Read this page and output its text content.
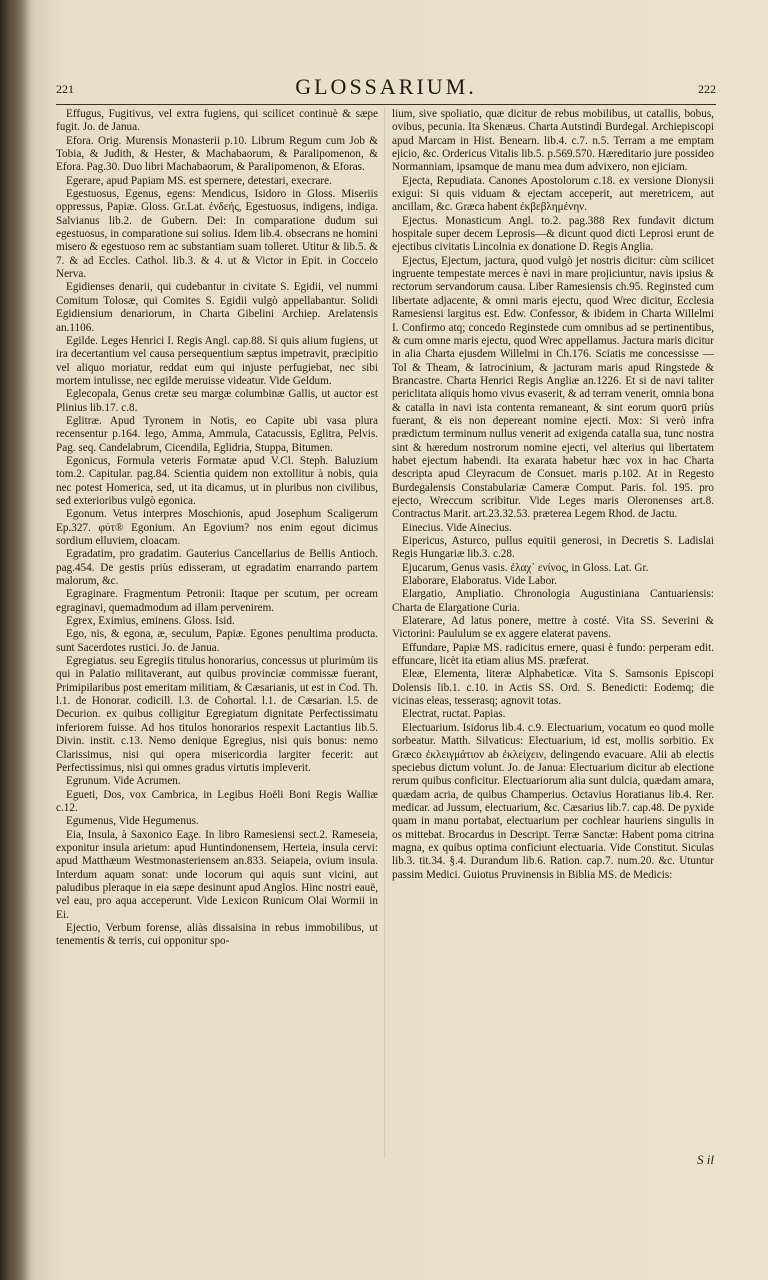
221	GLOSSARIUM.	222

Effugus, Fugitivus, vel extra fugiens, qui scilicet continuè & sæpe fugit. Jo. de Janua.

Efora. Orig. Murensis Monasterii p.10. Librum Regum cum Job & Tobia, & Judith, & Hester, & Machabaorum, & Paralipomenon, & Efora. Pag.30. Duo libri Machabaorum, & Paralipomenon, & Eforas.

Egerare, apud Papiam MS. est spernere, detestari, execrare.

Egestuosus, Egenus, egens: Mendicus, Isidoro in Gloss. Miseriis oppressus, Papiæ. Gloss. Gr.Lat. ἐνδεής, Egestuosus, indigens, indiga. Salvianus lib.2. de Gubern. Dei: In comparatione dudum sui egestuosus, in comparatione sui solius. Idem lib.4. obsecrans ne homini misero & egestuoso rem ac substantiam suam tolleret. Utitur & lib.5. & 7. & ad Eccles. Cathol. lib.3. & 4. ut & Victor in Epit. in Cocceio Nerva.

Egidienses denarii, qui cudebantur in civitate S. Egidii, vel nummi Comitum Tolosæ, qui Comites S. Egidii vulgò appellabantur. Solidi Egidiensium denariorum, in Charta Gibelini Archiep. Arelatensis an.1106.

Egilde. Leges Henrici I. Regis Angl. cap.88. Si quis alium fugiens, ut ira decertantium vel causa persequentium sæptus impetravit, præcipitio vel aliquo moriatur, reddat eum qui injuste perfugiebat, nec sibi mortem intulisse, nec egilde meruisse videatur. Vide Geldum.

Eglecopala, Genus cretæ seu margæ columbinæ Gallis, ut auctor est Plinius lib.17. c.8.

Eglitræ. Apud Tyronem in Notis, eo Capite ubi vasa plura recensentur p.164. lego, Amma, Ammula, Catacussis, Eglitra, Pelvis. Pag. seq. Candelabrum, Cicendila, Eglidria, Stuppa, Bitumen.

Egonicus, Formula veteris Formatæ apud V.Cl. Steph. Baluzium tom.2. Capitular. pag.84. Scientia quidem non extollitur à nobis, quia nec potest Homerica, sed, ut ita dicamus, ut in pluribus non civilibus, sed exterioribus vulgò egonica.

Egonum. Vetus interpres Moschionis, apud Josephum Scaligerum Ep.327. φύτ® Egonium. An Egovium? nos enim egout dicimus sordium elluviem, cloacam.

Egradatim, pro gradatim. Gauterius Cancellarius de Bellis Antioch. pag.454. De gestis priùs edisseram, ut egradatim enarrando partem malorum, &c.

Egraginare. Fragmentum Petronii: Itaque per scutum, per ocream egraginavi, quemadmodum ad illam pervenirem.

Egrex, Eximius, eminens. Gloss. Isid.

Ego, nis, & egona, æ, seculum, Papiæ. Egones penultima producta. sunt Sacerdotes rustici. Jo. de Janua.

Egregiatus. seu Egregiis titulus honorarius, concessus ut plurimùm iis qui in Palatio militaverant, aut quibus provinciæ commissæ fuerant, Primipilaribus post emeritam militiam, & Cæsarianis, ut est in Cod. Th. l.1. de Honorar. codicill. l.3. de Cohortal. l.1. de Cæsarian. l.5. de Decurion. ex quibus colligitur Egregiatum dignitate Perfectissimatu inferiorem fuisse. Ad hos titulos honorarios respexit Lactantius lib.5. Divin. instit. c.13. Nemo denique Egregius, nisi quis bonus: nemo Clarissimus, nisi qui opera misericordia largiter fecerit: aut Perfectissimus, nisi qui omnes gradus virtutis impleverit.

Egrunum. Vide Acrumen.

Egueti, Dos, vox Cambrica, in Legibus Hoëli Boni Regis Walliæ c.12.

Egumenus, Vide Hegumenus.

Eia, Insula, à Saxonico Eaᵹe. In libro Ramesiensi sect.2. Rameseia, exponitur insula arietum: apud Huntindonensem, Herteia, insula cervi: apud Matthæum Westmonasteriensem an.833. Seiapeia, ovium insula. Interdum aquam sonat: unde locorum qui aquis sunt vicini, aut paludibus pleraque in eia sæpe desinunt apud Anglos. Hinc nostri eauë, vel eau, pro aqua acceperunt. Vide Lexicon Runicum Olai Wormii in Ei.

Ejectio, Verbum forense, aliàs dissaisina in rebus immobilibus, ut tenementis & terris, cui opponitur spo-

lium, sive spoliatio, quæ dicitur de rebus mobilibus, ut catallis, bobus, ovibus, pecunia. Ita Skenæus. Charta Autstindi Burdegal. Archiepiscopi apud Marcam in Hist. Benearn. lib.4. c.7. n.5. Terram a me emptam ejicio, &c. Ordericus Vitalis lib.5. p.569.570. Hæreditario jure possideo Normanniam, ipsamque de manu mea dum advixero, non ejiciam.

Ejecta, Repudiata. Canones Apostolorum c.18. ex versione Dionysii exigui: Si quis viduam & ejectam acceperit, aut meretricem, aut ancillam, &c. Græca habent ἐκβεβλημένην.

Ejectus. Monasticum Angl. to.2. pag.388 Rex fundavit dictum hospitale super decem Leprosis—& dicunt quod dicti Leprosi erunt de ejectibus civitatis Lincolnia ex donatione D. Regis Anglia.

Ejectus, Ejectum, jactura, quod vulgò jet nostris dicitur: cùm scilicet ingruente tempestate merces è navi in mare projiciuntur, navis ipsius & rectorum servandorum causa. Liber Ramesiensis ch.95. Reginsted cum libertate adjacente, & omni maris ejectu, quod Wrec dicitur, Ecclesia Ramesiensi largitus est. Edw. Confessor, & ibidem in Charta Willelmi I. Confirmo atq; concedo Reginstede cum omnibus ad se pertinentibus, & cum omne maris ejectu, quod Wrec appellamus. Jactura maris dicitur in alia Charta ejusdem Willelmi in Ch.176. Sciatis me concessisse — Tol & Theam, & latrocinium, & jacturam maris apud Ringstede & Brancastre. Charta Henrici Regis Angliæ an.1226. Et si de navi taliter periclitata aliquis homo vivus evaserit, & ad terram venerit, omnia bona & catalla in navi ista contenta remaneant, & sint eorum quorū priùs fuerant, & eis non depereant nomine ejecti. Mox: Si verò infra prædictum terminum nullus venerit ad exigenda catalla sua, tunc nostra sint & hæredum nostrorum nomine ejecti, vel alterius qui libertatem habet ejectum habendi. Ita exarata habetur hæc vox in hac Charta descripta apud Cleyracum de Consuet. maris p.102. At in Regesto Burdegalensis Constabulariæ Cameræ Comput. Paris. fol. 195. pro ejecto, Wreccum scribitur. Vide Leges maris Oleronenses art.8. Contractus Marit. art.23.32.53. præterea Legem Rhod. de Jactu.

Einecius. Vide Ainecius.

Eipericus, Asturco, pullus equitii generosi, in Decretis S. Ladislai Regis Hungariæ lib.3. c.28.

Ejucarum, Genus vasis. ἐλαχ᾽ ενίνος, in Gloss. Lat. Gr.

Elaborare, Elaboratus. Vide Labor.

Elargatio, Ampliatio. Chronologia Augustiniana Cantuariensis: Charta de Elargatione Curia.

Elaterare, Ad latus ponere, mettre à costé. Vita SS. Severini & Victorini: Paululum se ex aggere elaterat pavens.

Effundare, Papiæ MS. radicitus ernere, quasi è fundo: perperam edit. effuncare, licèt ita etiam alius MS. præferat.

Eleæ, Elementa, literæ Alphabeticæ. Vita S. Samsonis Episcopi Dolensis lib.1. c.10. in Actis SS. Ord. S. Benedicti: Eodemq; die vicinas eleas, tesserasq; agnovit totas.

Electrat, ructat. Papias.

Electuarium. Isidorus lib.4. c.9. Electuarium, vocatum eo quod molle sorbeatur. Matth. Silvaticus: Electuarium, id est, mollis sorbitio. Ex Græco ἐκλειγμάτιον ab ἐκλείχειν, delingendo evacuare. Alii ab electis speciebus dictum volunt. Jo. de Janua: Electuarium dicitur ab electione rerum quibus conficitur. Electuariorum alia sunt dulcia, quædam amara, quædam acria, de quibus Champerius. Octavius Horatianus lib.4. Rer. medicar. ad Jussum, electuarium, &c. Cæsarius lib.7. cap.48. De pyxide quam in manu portabat, electuarium per cochlear hauriens singulis in os mittebat. Brocardus in Descript. Terræ Sanctæ: Habent poma citrina magna, ex quibus optima conficiunt electuaria. Vide Constitut. Siculas lib.3. tit.34. §.4. Durandum lib.6. Ration. cap.7. num.20. &c. Utuntur passim Medici. Guiotus Pruvinensis in Biblia MS. de Medicis:

S il
